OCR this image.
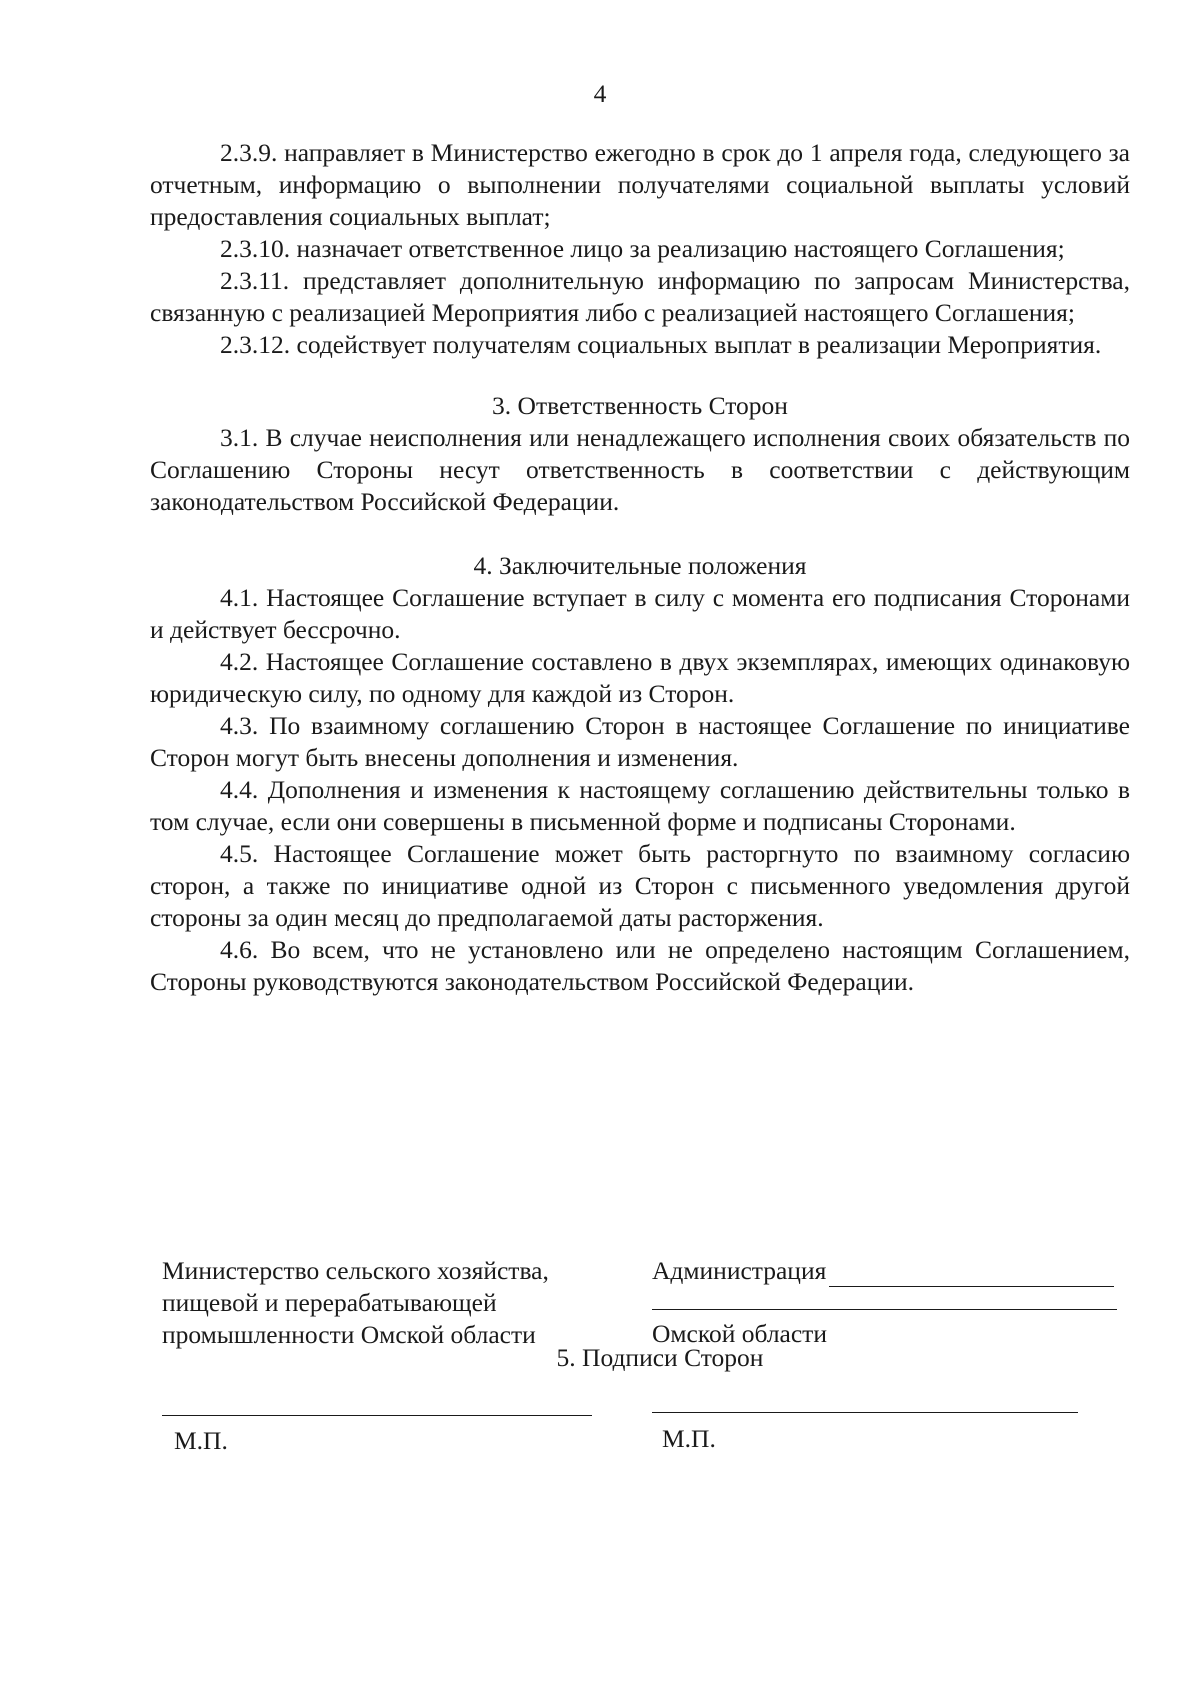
4

2.3.9. направляет в Министерство ежегодно в срок до 1 апреля года, следующего за отчетным, информацию о выполнении получателями социальной выплаты условий предоставления социальных выплат;

2.3.10. назначает ответственное лицо за реализацию настоящего Соглашения;

2.3.11. представляет дополнительную информацию по запросам Министерства, связанную с реализацией Мероприятия либо с реализацией настоящего Соглашения;

2.3.12. содействует получателям социальных выплат в реализации Мероприятия.

3. Ответственность Сторон

3.1. В случае неисполнения или ненадлежащего исполнения своих обязательств по Соглашению Стороны несут ответственность в соответствии с действующим законодательством Российской Федерации.

4. Заключительные положения

4.1. Настоящее Соглашение вступает в силу с момента его подписания Сторонами и действует бессрочно.

4.2. Настоящее Соглашение составлено в двух экземплярах, имеющих одинаковую юридическую силу, по одному для каждой из Сторон.

4.3. По взаимному соглашению Сторон в настоящее Соглашение по инициативе Сторон могут быть внесены дополнения и изменения.

4.4. Дополнения и изменения к настоящему соглашению действительны только в том случае, если они совершены в письменной форме и подписаны Сторонами.

4.5. Настоящее Соглашение может быть расторгнуто по взаимному согласию сторон, а также по инициативе одной из Сторон с письменного уведомления другой стороны за один месяц до предполагаемой даты расторжения.

4.6. Во всем, что не установлено или не определено настоящим Соглашением, Стороны руководствуются законодательством Российской Федерации.

Министерство сельского хозяйства,
пищевой и перерабатывающей
промышленности Омской области
Администрация
Омской области
М.П.	М.П.
5. Подписи Сторон
